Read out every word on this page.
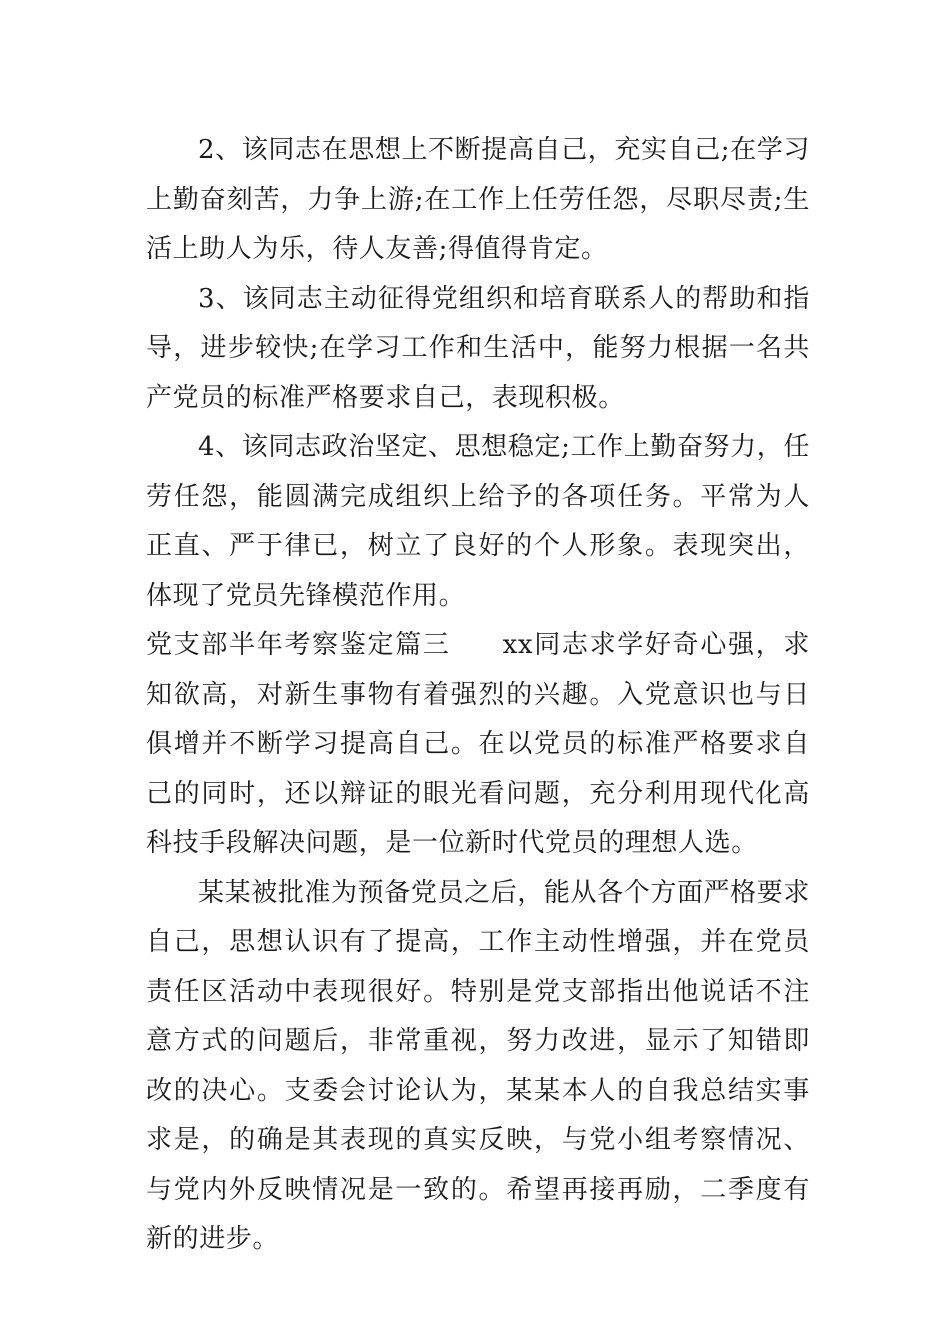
2、该同志在思想上不断提高自己，充实自己;在学习上勤奋刻苦，力争上游;在工作上任劳任怨，尽职尽责;生活上助人为乐，待人友善;得值得肯定。

3、该同志主动征得党组织和培育联系人的帮助和指导，进步较快;在学习工作和生活中，能努力根据一名共产党员的标准严格要求自己，表现积极。

4、该同志政治坚定、思想稳定;工作上勤奋努力，任劳任怨，能圆满完成组织上给予的各项任务。平常为人正直、严于律已，树立了良好的个人形象。表现突出，体现了党员先锋模范作用。

党支部半年考察鉴定篇三 xx同志求学好奇心强，求知欲高，对新生事物有着强烈的兴趣。入党意识也与日俱增并不断学习提高自己。在以党员的标准严格要求自己的同时，还以辩证的眼光看问题，充分利用现代化高科技手段解决问题，是一位新时代党员的理想人选。

某某被批准为预备党员之后，能从各个方面严格要求自己，思想认识有了提高，工作主动性增强，并在党员责任区活动中表现很好。特别是党支部指出他说话不注意方式的问题后，非常重视，努力改进，显示了知错即改的决心。支委会讨论认为，某某本人的自我总结实事求是，的确是其表现的真实反映，与党小组考察情况、与党内外反映情况是一致的。希望再接再励，二季度有新的进步。
